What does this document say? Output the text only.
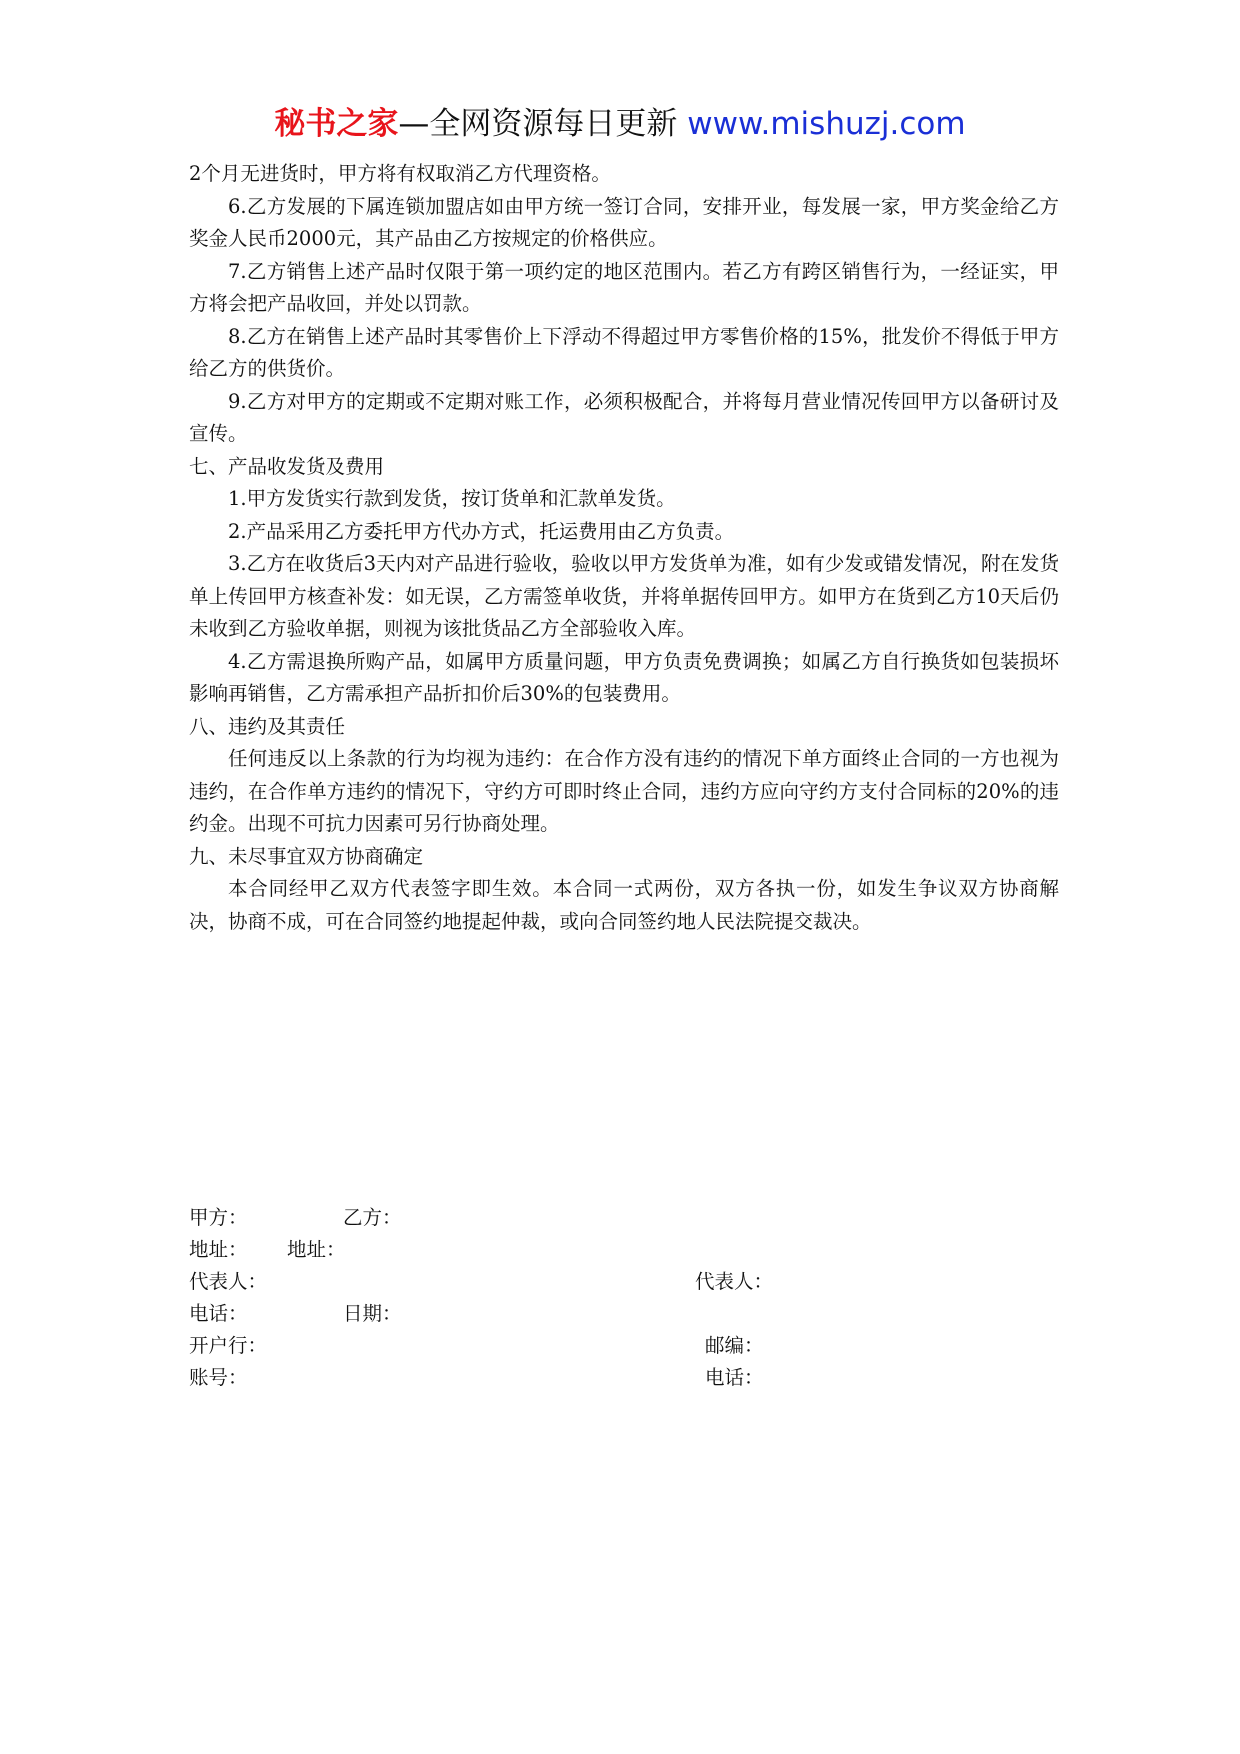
秘书之家—全网资源每日更新 www.mishuzj.com

2个月无进货时，甲方将有权取消乙方代理资格。

6.乙方发展的下属连锁加盟店如由甲方统一签订合同，安排开业，每发展一家，甲方奖金给乙方奖金人民币2000元，其产品由乙方按规定的价格供应。

7.乙方销售上述产品时仅限于第一项约定的地区范围内。若乙方有跨区销售行为，一经证实，甲方将会把产品收回，并处以罚款。

8.乙方在销售上述产品时其零售价上下浮动不得超过甲方零售价格的15%，批发价不得低于甲方给乙方的供货价。

9.乙方对甲方的定期或不定期对账工作，必须积极配合，并将每月营业情况传回甲方以备研讨及宣传。

七、产品收发货及费用

1.甲方发货实行款到发货，按订货单和汇款单发货。

2.产品采用乙方委托甲方代办方式，托运费用由乙方负责。

3.乙方在收货后3天内对产品进行验收，验收以甲方发货单为准，如有少发或错发情况，附在发货单上传回甲方核查补发：如无误，乙方需签单收货，并将单据传回甲方。如甲方在货到乙方10天后仍未收到乙方验收单据，则视为该批货品乙方全部验收入库。

4.乙方需退换所购产品，如属甲方质量问题，甲方负责免费调换；如属乙方自行换货如包装损坏影响再销售，乙方需承担产品折扣价后30%的包装费用。

八、违约及其责任

任何违反以上条款的行为均视为违约：在合作方没有违约的情况下单方面终止合同的一方也视为违约，在合作单方违约的情况下，守约方可即时终止合同，违约方应向守约方支付合同标的20%的违约金。出现不可抗力因素可另行协商处理。

九、未尽事宜双方协商确定

本合同经甲乙双方代表签字即生效。本合同一式两份，双方各执一份，如发生争议双方协商解决，协商不成，可在合同签约地提起仲裁，或向合同签约地人民法院提交裁决。

甲方：	乙方：
地址： 地址：
代表人：	代表人：
电话：	日期：
开户行：	邮编：
账号：	电话：
